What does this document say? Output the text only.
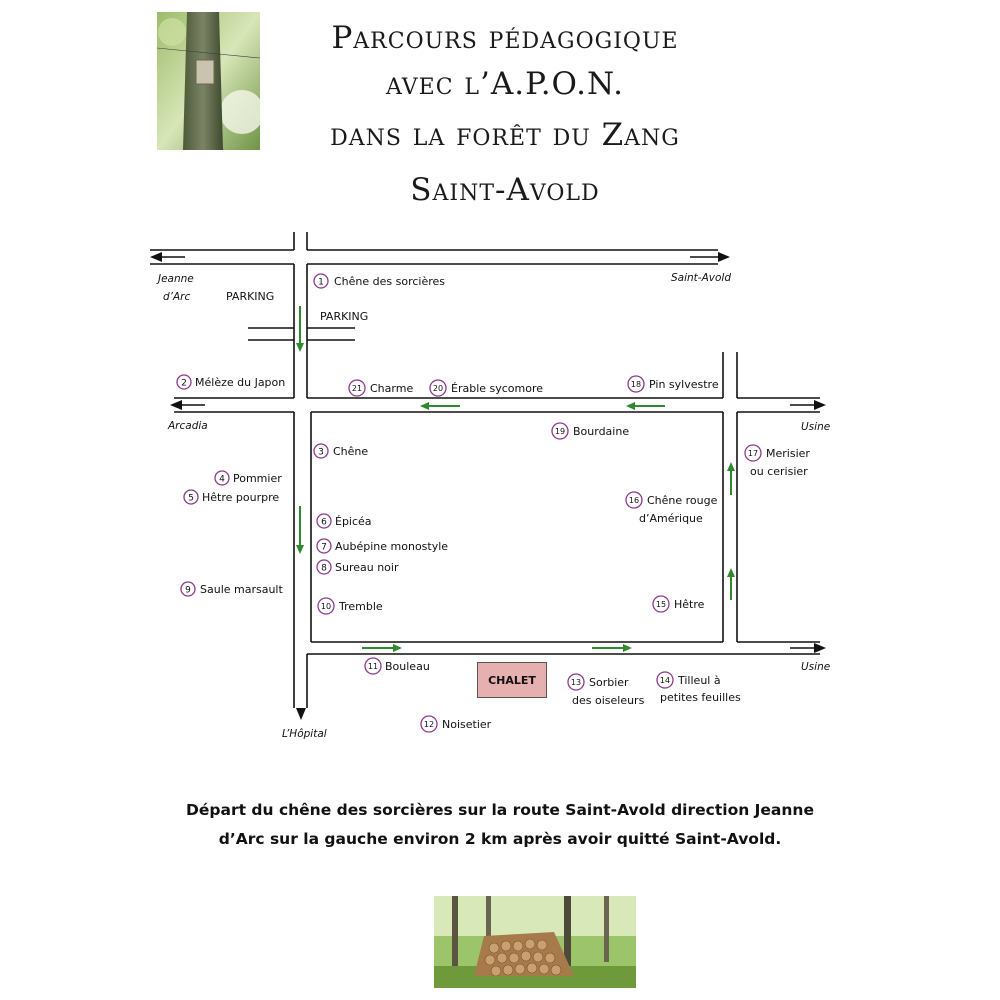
Parcours pédagogique
avec l’A.P.O.N.
dans la forêt du Zang
Saint-Avold
Jeanne
d’Arc
Saint-Avold
Arcadia	Usine
Usine
L’Hôpital
PARKING
PARKING
1 Chêne des sorcières
2 Mélèze du Japon
3 Chêne
4 Pommier
5 Hêtre pourpre
6 Épicéa
7 Aubépine monostyle
8 Sureau noir
9 Saule marsault
10 Tremble
11 Bouleau
12 Noisetier
13 Sorbier
des oiseleurs
14 Tilleul à
petites feuilles
15 Hêtre
16 Chêne rouge
d’Amérique
17 Merisier
ou cerisier
18 Pin sylvestre
19 Bourdaine
20 Érable sycomore
21 Charme
CHALET
Départ du chêne des sorcières sur la route Saint-Avold direction Jeanne
d’Arc sur la gauche environ 2 km après avoir quitté Saint-Avold.
